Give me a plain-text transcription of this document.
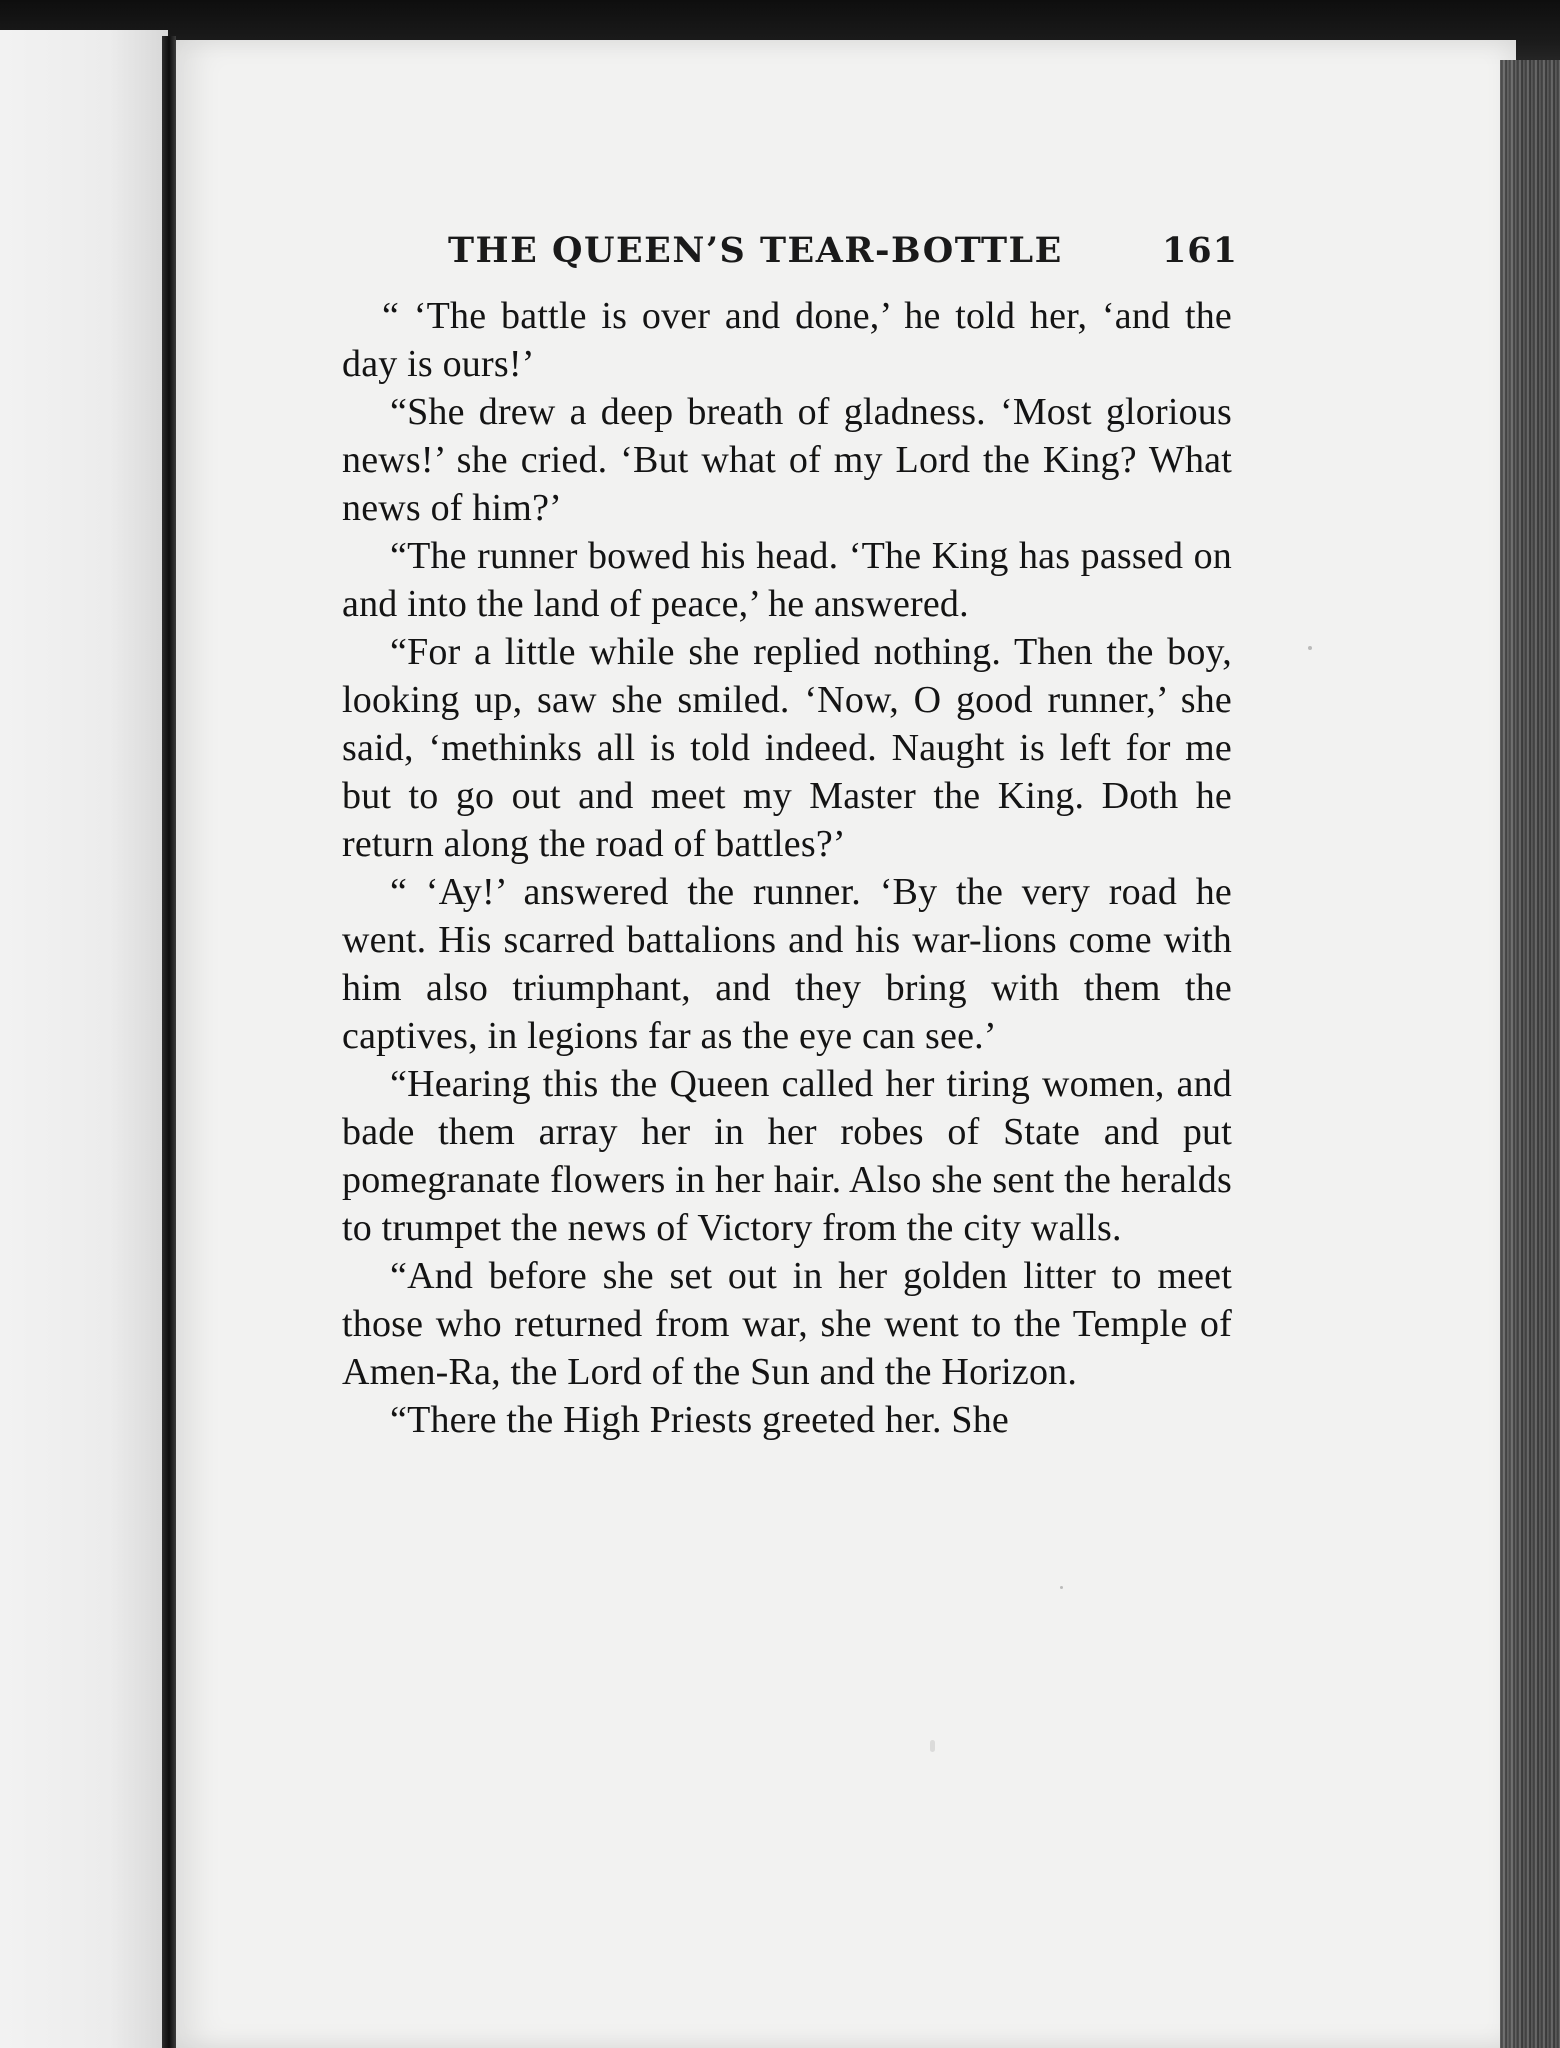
THE QUEEN’S TEAR-BOTTLE	161

“ ‘The battle is over and done,’ he told her, ‘and the day is ours!’

“She drew a deep breath of gladness. ‘Most glorious news!’ she cried. ‘But what of my Lord the King? What news of him?’

“The runner bowed his head. ‘The King has passed on and into the land of peace,’ he answered.

“For a little while she replied nothing. Then the boy, looking up, saw she smiled. ‘Now, O good runner,’ she said, ‘methinks all is told indeed. Naught is left for me but to go out and meet my Master the King. Doth he return along the road of battles?’

“ ‘Ay!’ answered the runner. ‘By the very road he went. His scarred battalions and his war-lions come with him also triumphant, and they bring with them the captives, in legions far as the eye can see.’

“Hearing this the Queen called her tiring women, and bade them array her in her robes of State and put pomegranate flowers in her hair. Also she sent the heralds to trumpet the news of Victory from the city walls.

“And before she set out in her golden litter to meet those who returned from war, she went to the Temple of Amen-Ra, the Lord of the Sun and the Horizon.

“There the High Priests greeted her. She
